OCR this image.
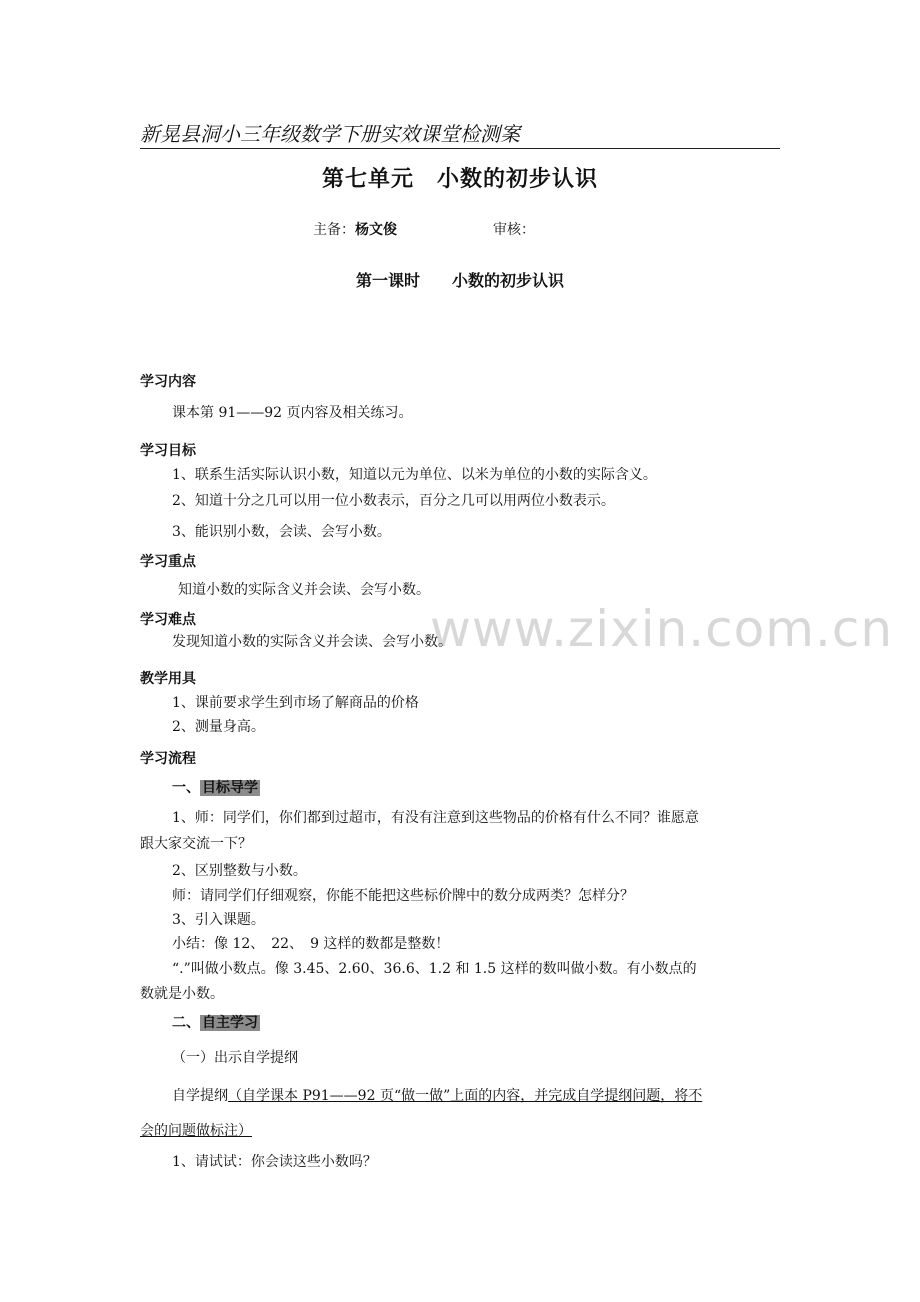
新晃县洞小三年级数学下册实效课堂检测案
第七单元　小数的初步认识
主备：杨文俊	审核：
第一课时　　小数的初步认识
www.zixin.com.cn
学习内容
课本第 91——92 页内容及相关练习。
学习目标
1、联系生活实际认识小数，知道以元为单位、以米为单位的小数的实际含义。
2、知道十分之几可以用一位小数表示，百分之几可以用两位小数表示。
3、能识别小数，会读、会写小数。
学习重点
知道小数的实际含义并会读、会写小数。
学习难点
发现知道小数的实际含义并会读、会写小数。
教学用具
1、课前要求学生到市场了解商品的价格
2、测量身高。
学习流程
一、 目标导学
1、师：同学们，你们都到过超市，有没有注意到这些物品的价格有什么不同？谁愿意
跟大家交流一下？
2、区别整数与小数。
师：请同学们仔细观察，你能不能把这些标价牌中的数分成两类？怎样分？
3、引入课题。
小结：像 12、　22、　9 这样的数都是整数！
“.”叫做小数点。像 3.45、2.60、36.6、1.2 和 1.5 这样的数叫做小数。有小数点的
数就是小数。
二、 自主学习
（一）出示自学提纲
自学提纲（自学课本 P91——92 页“做一做”上面的内容，并完成自学提纲问题，将不
会的问题做标注）
1、请试试：你会读这些小数吗？
